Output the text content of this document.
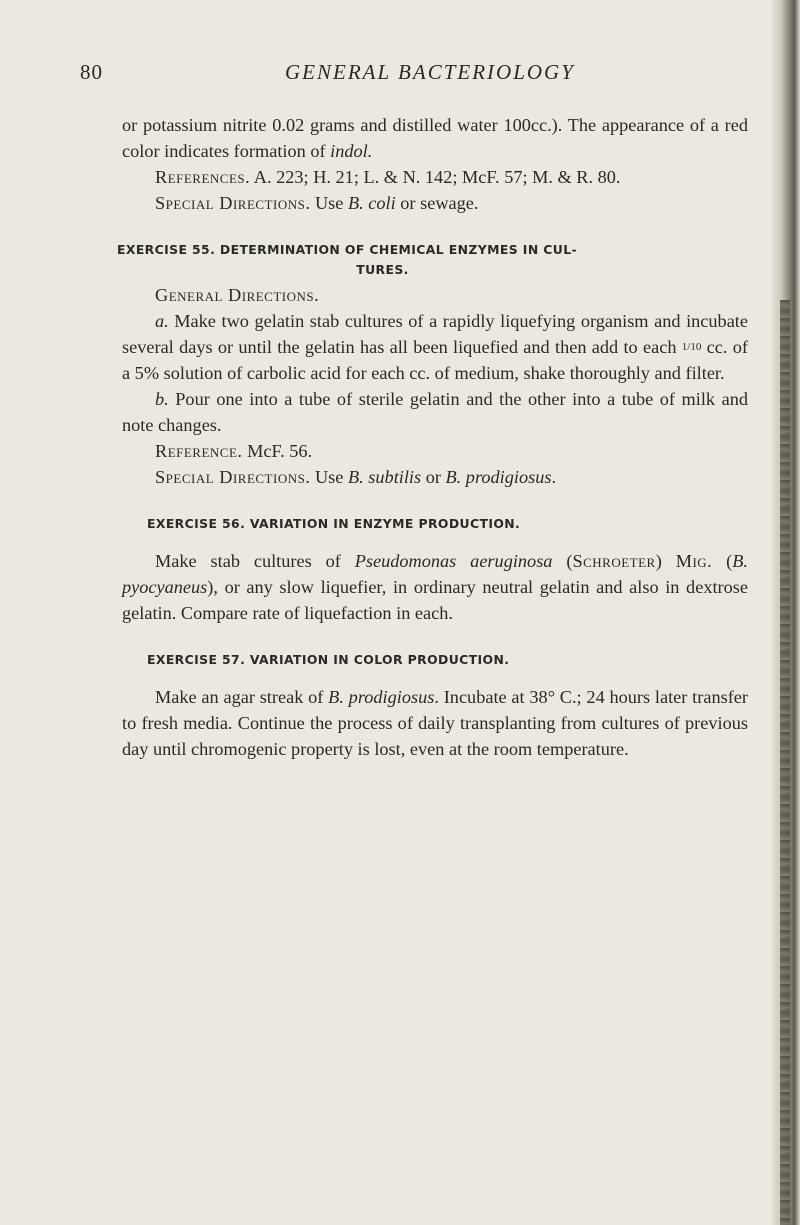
80	GENERAL BACTERIOLOGY

or potassium nitrite 0.02 grams and distilled water 100cc.). The appearance of a red color indicates formation of indol.

References. A. 223; H. 21; L. & N. 142; McF. 57; M. & R. 80.

Special Directions. Use B. coli or sewage.

EXERCISE 55. DETERMINATION OF CHEMICAL ENZYMES IN CUL-
TURES.

General Directions.

a. Make two gelatin stab cultures of a rapidly liquefying organism and incubate several days or until the gelatin has all been liquefied and then add to each 1/10 cc. of a 5% solution of carbolic acid for each cc. of medium, shake thoroughly and filter.

b. Pour one into a tube of sterile gelatin and the other into a tube of milk and note changes.

Reference. McF. 56.

Special Directions. Use B. subtilis or B. prodigiosus.

EXERCISE 56. VARIATION IN ENZYME PRODUCTION.

Make stab cultures of Pseudomonas aeruginosa (Schroeter) Mig. (B. pyocyaneus), or any slow liquefier, in ordinary neutral gelatin and also in dextrose gelatin. Compare rate of liquefaction in each.

EXERCISE 57. VARIATION IN COLOR PRODUCTION.

Make an agar streak of B. prodigiosus. Incubate at 38° C.; 24 hours later transfer to fresh media. Continue the process of daily transplanting from cultures of previous day until chromogenic property is lost, even at the room temperature.
